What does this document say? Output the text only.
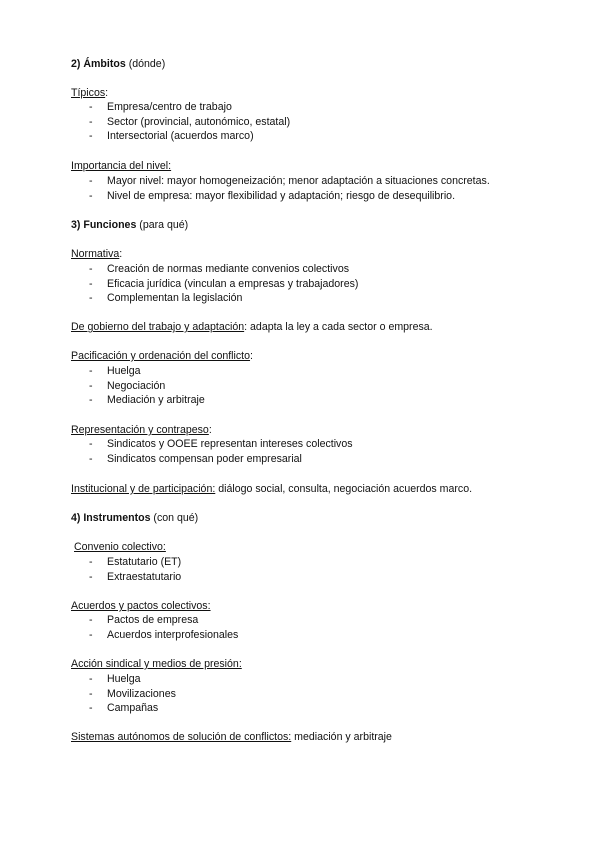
2) Ámbitos (dónde)
Típicos:
- Empresa/centro de trabajo
- Sector (provincial, autonómico, estatal)
- Intersectorial (acuerdos marco)
Importancia del nivel:
- Mayor nivel: mayor homogeneización; menor adaptación a situaciones concretas.
- Nivel de empresa: mayor flexibilidad y adaptación; riesgo de desequilibrio.
3) Funciones (para qué)
Normativa:
- Creación de normas mediante convenios colectivos
- Eficacia jurídica (vinculan a empresas y trabajadores)
- Complementan la legislación
De gobierno del trabajo y adaptación: adapta la ley a cada sector o empresa.
Pacificación y ordenación del conflicto:
- Huelga
- Negociación
- Mediación y arbitraje
Representación y contrapeso:
- Sindicatos y OOEE representan intereses colectivos
- Sindicatos compensan poder empresarial
Institucional y de participación: diálogo social, consulta, negociación acuerdos marco.
4) Instrumentos (con qué)
Convenio colectivo:
- Estatutario (ET)
- Extraestatutario
Acuerdos y pactos colectivos:
- Pactos de empresa
- Acuerdos interprofesionales
Acción sindical y medios de presión:
- Huelga
- Movilizaciones
- Campañas
Sistemas autónomos de solución de conflictos: mediación y arbitraje
